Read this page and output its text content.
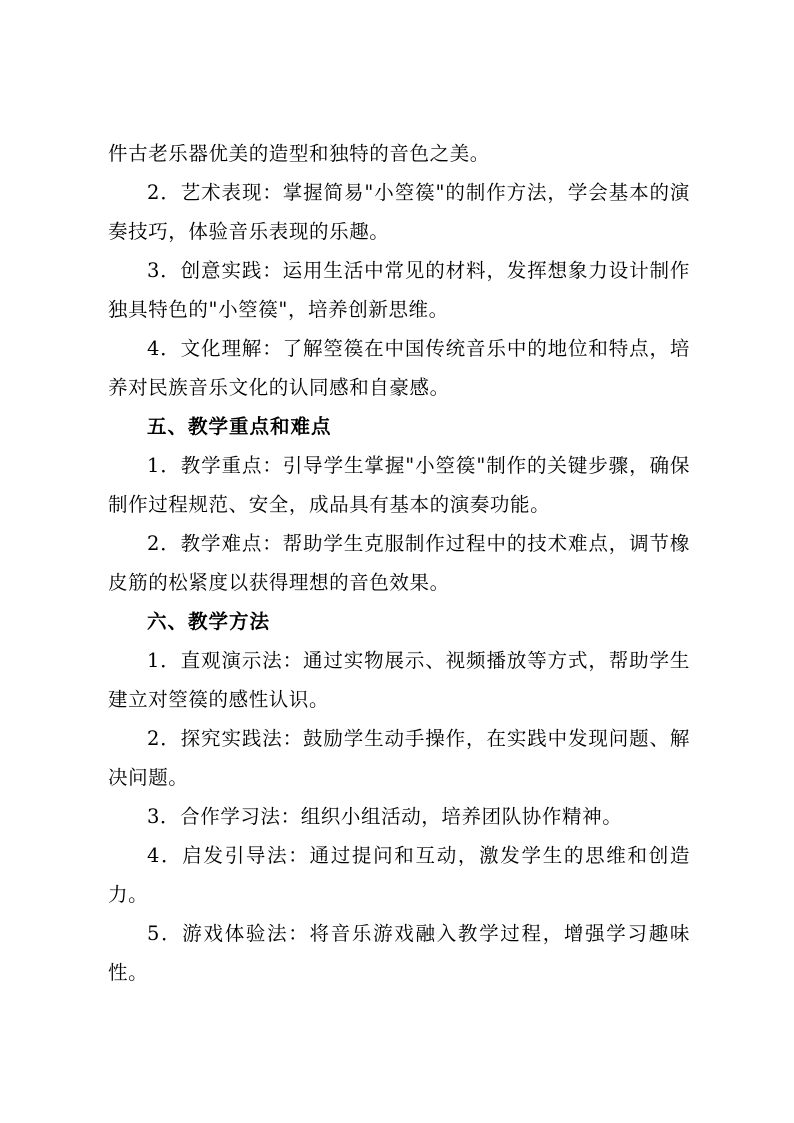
件古老乐器优美的造型和独特的音色之美。

2．艺术表现：掌握简易"小箜篌"的制作方法，学会基本的演奏技巧，体验音乐表现的乐趣。

3．创意实践：运用生活中常见的材料，发挥想象力设计制作独具特色的"小箜篌"，培养创新思维。

4．文化理解：了解箜篌在中国传统音乐中的地位和特点，培养对民族音乐文化的认同感和自豪感。

五、教学重点和难点

1．教学重点：引导学生掌握"小箜篌"制作的关键步骤，确保制作过程规范、安全，成品具有基本的演奏功能。

2．教学难点：帮助学生克服制作过程中的技术难点，调节橡皮筋的松紧度以获得理想的音色效果。

六、教学方法

1．直观演示法：通过实物展示、视频播放等方式，帮助学生建立对箜篌的感性认识。

2．探究实践法：鼓励学生动手操作，在实践中发现问题、解决问题。

3．合作学习法：组织小组活动，培养团队协作精神。

4．启发引导法：通过提问和互动，激发学生的思维和创造力。

5．游戏体验法：将音乐游戏融入教学过程，增强学习趣味性。
